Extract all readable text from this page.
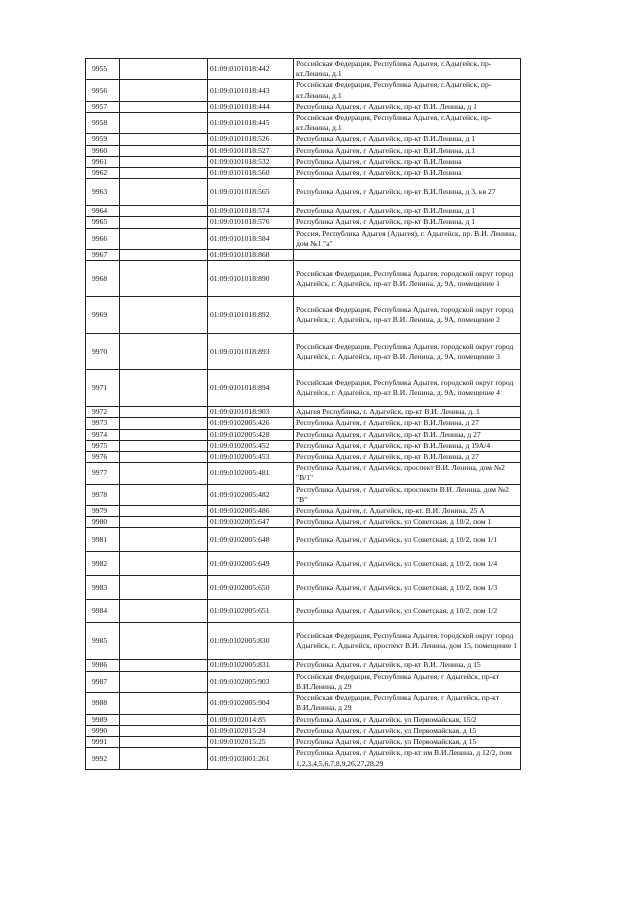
9955		01:09:0101018:442	Российская Федерация, Республика Адыгея, г.Адыгейск, пр-кт.Ленина, д.1
9956		01:09:0101018:443	Российская Федерация, Республика Адыгея, г.Адыгейск, пр-кт.Ленина, д.1
9957		01:09:0101018:444	Республика Адыгея, г Адыгейск, пр-кт В.И. Ленина, д 1
9958		01:09:0101018:445	Российская Федерация, Республика Адыгея, г.Адыгейск, пр-кт.Ленина, д.1
9959		01:09:0101018:526	Республика Адыгея, г Адыгейск, пр-кт В.И.Ленина, д 1
9960		01:09:0101018:527	Республика Адыгея, г Адыгейск, пр-кт В.И.Ленина, д.1
9961		01:09:0101018:532	Республика Адыгея, г Адыгейск, пр-кт В.И.Ленина
9962		01:09:0101018:560	Республика Адыгея, г Адыгейск, пр-кт В.И.Ленина
9963		01:09:0101018:565	Республика Адыгея, г Адыгейск, пр-кт В.И.Ленина, д 3, кв 27
9964		01:09:0101018:574	Республика Адыгея, г Адыгейск, пр-кт В.И.Ленина, д 1
9965		01:09:0101018:576	Республика Адыгея, г Адыгейск, пр-кт В.И.Ленина, д 1
9966		01:09:0101018:584	Россия, Республика Адыгея (Адыгея), г. Адыгейск, пр. В.И. Ленина, дом №1 "а"
9967		01:09:0101018:868	
9968		01:09:0101018:890	Российская Федерация, Республика Адыгея, городской округ город Адыгейск, г. Адыгейск, пр-кт В.И. Ленина, д. 9А, помещение 1
9969		01:09:0101018:892	Российская Федерация, Республика Адыгея, городской округ город Адыгейск, г. Адыгейск, пр-кт В.И. Ленина, д. 9А, помещение 2
9970		01:09:0101018:893	Российская Федерация, Республика Адыгея, городской округ город Адыгейск, г. Адыгейск, пр-кт В.И. Ленина, д. 9А, помещение 3
9971		01:09:0101018:894	Российская Федерация, Республика Адыгея, городской округ город Адыгейск, г. Адыгейск, пр-кт В.И. Ленина, д. 9А, помещение 4
9972		01:09:0101018:903	Адыгея Республика, г. Адыгейск, пр-кт В.И. Ленина, д. 1
9973		01:09:0102005:426	Республика Адыгея, г Адыгейск, пр-кт В.И.Ленина, д 27
9974		01:09:0102005:428	Республика Адыгея, г Адыгейск, пр-кт В.И. Ленина, д 27
9975		01:09:0102005:452	Республика Адыгея, г Адыгейск, пр-кт В.И.Ленина, д 19А/4
9976		01:09:0102005:453	Республика Адыгея, г Адыгейск, пр-кт В.И.Ленина, д 27
9977		01:09:0102005:481	Республика Адыгея, г Адыгейск, проспект В.И. Ленина, дом №2 "В/1"
9978		01:09:0102005:482	Республика Адыгея, г Адыгейск, проспекти В.И. Ленина. дом №2 "В"
9979		01:09:0102005:486	Республика Адыгея, г. Адыгейск, пр-кт. В.И. Ленина, 25 А
9980		01:09:0102005:647	Республика Адыгея, г Адыгейск, ул Советская, д 10/2, пом 1
9981		01:09:0102005:648	Республика Адыгея, г Адыгейск, ул Советская, д 10/2, пом 1/1
9982		01:09:0102005:649	Республика Адыгея, г Адыгейск, ул Советская, д 10/2, пом 1/4
9983		01:09:0102005:650	Республика Адыгея, г Адыгейск, ул Советская, д 10/2, пом 1/3
9984		01:09:0102005:651	Республика Адыгея, г Адыгейск, ул Советская, д 10/2, пом 1/2
9985		01:09:0102005:830	Российская Федерация, Республика Адыгея, городской округ город Адыгейск, г. Адыгейск, проспект В.И. Ленина, дом 15, помещение 1
9986		01:09:0102005:831	Республика Адыгея, г Адыгейск, пр-кт В.И. Ленина, д 15
9987		01:09:0102005:903	Российская Федерация, Республика Адыгея, г Адыгейск, пр-кт В.И.Ленина, д 29
9988		01:09:0102005:904	Российская Федерация, Республика Адыгея, г Адыгейск, пр-кт В.И.Ленина, д 29
9989		01:09:0102014:85	Республика Адыгея, г Адыгейск, ул Первомайская, 15/2
9990		01:09:0102015:24	Республика Адыгея, г Адыгейск, ул Первомайская, д 15
9991		01:09:0102015:25	Республика Адыгея, г Адыгейск, ул Первомайская, д 15
9992		01:09:0103001:261	Республика Адыгея, г Адыгейск, пр-кт им В.И.Ленина, д 12/2, пом 1,2,3,4,5,6,7,8,9,26,27,28,29
